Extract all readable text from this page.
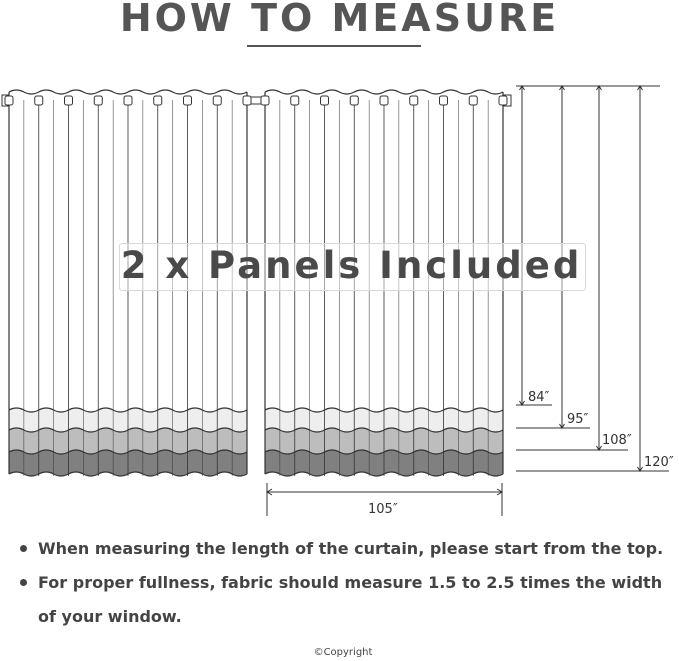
HOW TO MEASURE
2 x Panels Included
84″
95″
108″
120″
105″
When measuring the length of the curtain, please start from the top.
For proper fullness, fabric should measure 1.5 to 2.5 times the width of your window.
©Copyright
